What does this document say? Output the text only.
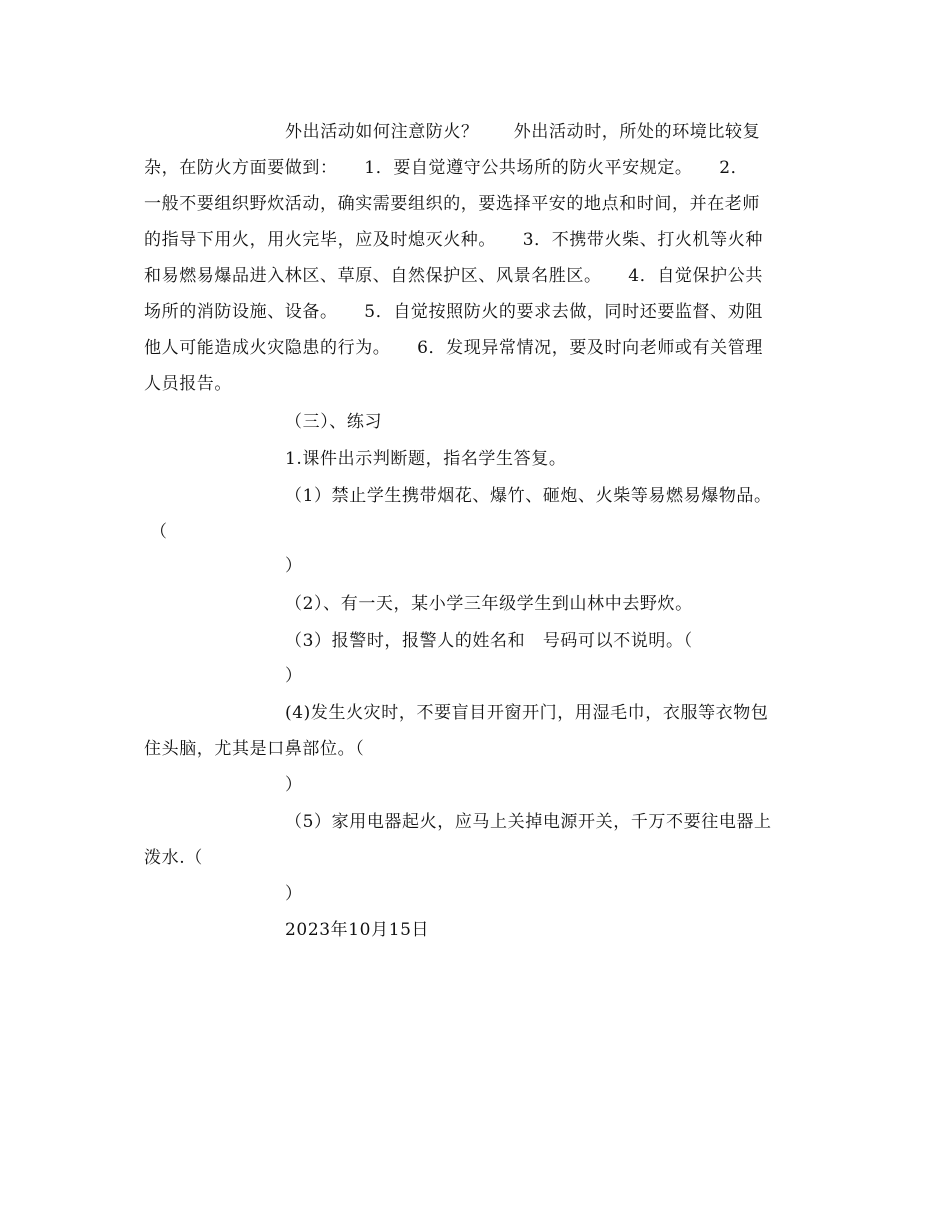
外出活动如何注意防火？　　外出活动时，所处的环境比较复
杂，在防火方面要做到：　　1．要自觉遵守公共场所的防火平安规定。　　2．
一般不要组织野炊活动，确实需要组织的，要选择平安的地点和时间，并在老师
的指导下用火，用火完毕，应及时熄灭火种。　　3．不携带火柴、打火机等火种
和易燃易爆品进入林区、草原、自然保护区、风景名胜区。　　4．自觉保护公共
场所的消防设施、设备。　　5．自觉按照防火的要求去做，同时还要监督、劝阻
他人可能造成火灾隐患的行为。　　6．发现异常情况，要及时向老师或有关管理
人员报告。
（三）、练习
1.课件出示判断题，指名学生答复。
（1）禁止学生携带烟花、爆竹、砸炮、火柴等易燃易爆物品。
（
）
（2）、有一天，某小学三年级学生到山林中去野炊。
（3）报警时，报警人的姓名和　号码可以不说明。（
）
(4)发生火灾时，不要盲目开窗开门，用湿毛巾，衣服等衣物包
住头脑，尤其是口鼻部位。（
）
（5）家用电器起火，应马上关掉电源开关，千万不要往电器上
泼水.（
）
2023年10月15日
